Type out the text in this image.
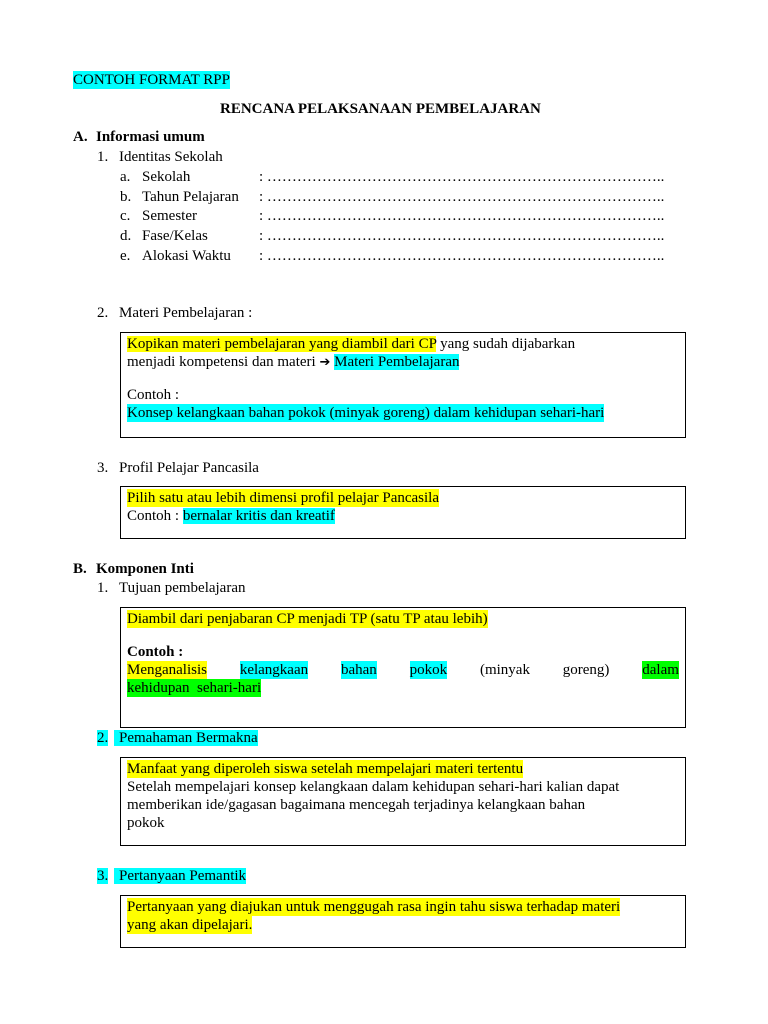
CONTOH FORMAT RPP
RENCANA PELAKSANAAN PEMBELAJARAN
A. Informasi umum
1. Identitas Sekolah
a. Sekolah	: ……………………………………………………………………..
b. Tahun Pelajaran : ……………………………………………………………………..
c. Semester	: ……………………………………………………………………..
d. Fase/Kelas	: ……………………………………………………………………..
e. Alokasi Waktu : ……………………………………………………………………..
2. Materi Pembelajaran :
Kopikan materi pembelajaran yang diambil dari CP yang sudah dijabarkan
menjadi kompetensi dan materi ➔ Materi Pembelajaran
Contoh :
Konsep kelangkaan bahan pokok (minyak goreng) dalam kehidupan sehari-hari
3. Profil Pelajar Pancasila
Pilih satu atau lebih dimensi profil pelajar Pancasila
Contoh : bernalar kritis dan kreatif
B. Komponen Inti
1. Tujuan pembelajaran
Diambil dari penjabaran CP menjadi TP (satu TP atau lebih)
Contoh :
Menganalisis kelangkaan bahan pokok (minyak goreng) dalam
kehidupan  sehari-hari
2. Pemahaman Bermakna
Manfaat yang diperoleh siswa setelah mempelajari materi tertentu
Setelah mempelajari konsep kelangkaan dalam kehidupan sehari-hari kalian dapat
memberikan ide/gagasan bagaimana mencegah terjadinya kelangkaan bahan
pokok
3. Pertanyaan Pemantik
Pertanyaan yang diajukan untuk menggugah rasa ingin tahu siswa terhadap materi
yang akan dipelajari.
